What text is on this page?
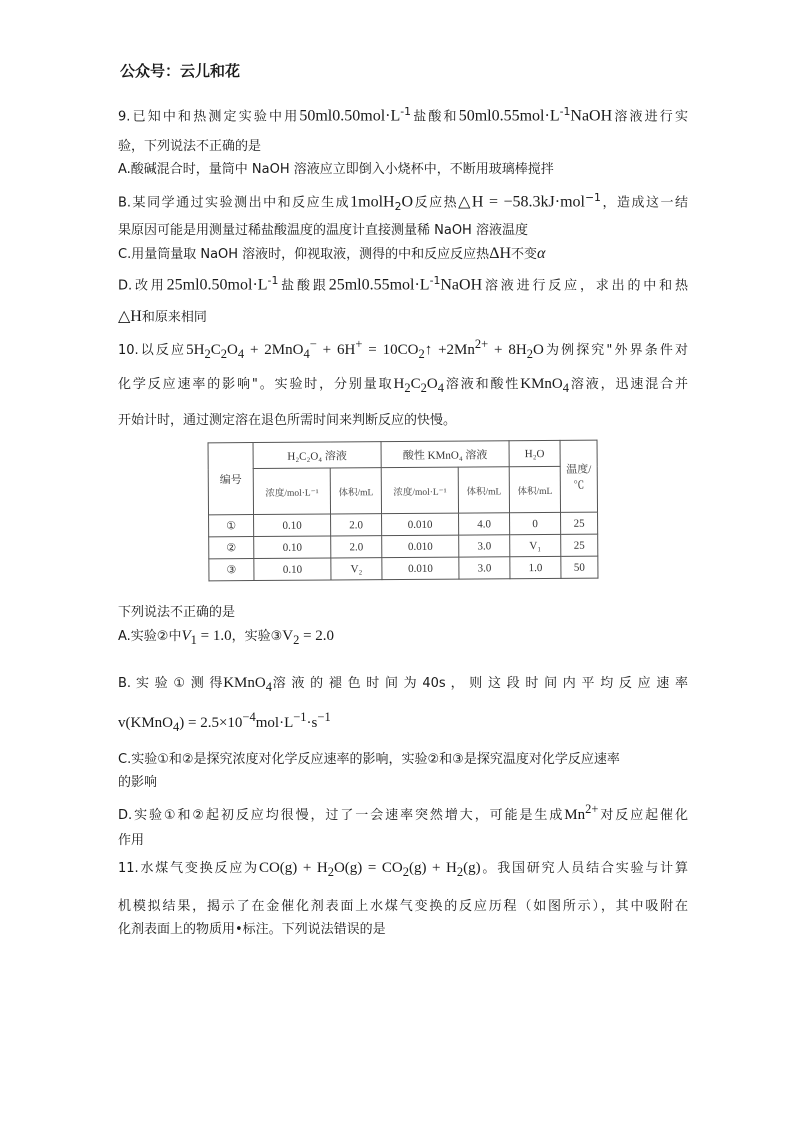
公众号：云儿和花
9.已知中和热测定实验中用$50ml0.50mol\cdot L^{-1}$盐酸和$50ml0.55mol\cdot L^{-1}NaOH$溶液进行实
验，下列说法不正确的是
A.酸碱混合时，量筒中 NaOH 溶液应立即倒入小烧杯中，不断用玻璃棒搅拌
B.某同学通过实验测出中和反应生成1molH$_2$O反应热△H = −58.3kJ·mol$^{-1}$，造成这一结
果原因可能是用测量过稀盐酸温度的温度计直接测量稀 NaOH 溶液温度
C.用量筒量取 NaOH 溶液时，仰视取液，测得的中和反应反应热ΔH不变α
D.改用$25ml0.50mol\cdot L^{-1}$盐酸跟$25ml0.55mol\cdot L^{-1}NaOH$溶液进行反应，求出的中和热
△H和原来相同
10.以反应$5H_2C_2O_4 + 2MnO_4^- + 6H^+$ = $10CO_2↑ +2Mn^{2+} + 8H_2O$为例探究"外界条件对
化学反应速率的影响"。实验时，分别量取$H_2C_2O_4$溶液和酸性KMnO$_4$溶液，迅速混合并
开始计时，通过测定溶在退色所需时间来判断反应的快慢。
编号	H₂C₂O₄ 溶液		酸性 KMnO₄ 溶液		H₂O	温度/℃
	浓度/mol·L⁻¹	体积/mL	浓度/mol·L⁻¹	体积/mL	体积/mL	
①	0.10	2.0	0.010	4.0	0	25
②	0.10	2.0	0.010	3.0	V₁	25
③	0.10	V₂	0.010	3.0	1.0	50
下列说法不正确的是
A.实验②中$V_1 = 1.0$，实验$③V_2 = 2.0$
B. 实 验 ① 测 得KMnO$_4$溶 液 的 褪 色 时 间 为 40s ， 则 这 段 时 间 内 平 均 反 应 速 率
v(KMnO$_4$) = $2.5\times 10^{-4}mol\cdot L^{-1}\cdot s^{-1}$
C.实验①和②是探究浓度对化学反应速率的影响，实验②和③是探究温度对化学反应速率
的影响
D.实验①和②起初反应均很慢，过了一会速率突然增大，可能是生成$Mn^{2+}$对反应起催化
作用
11.水煤气变换反应为$CO(g) + H_2O(g) = CO_2(g) + H_2(g)$。我国研究人员结合实验与计算
机模拟结果，揭示了在金催化剂表面上水煤气变换的反应历程（如图所示），其中吸附在
化剂表面上的物质用•标注。下列说法错误的是
